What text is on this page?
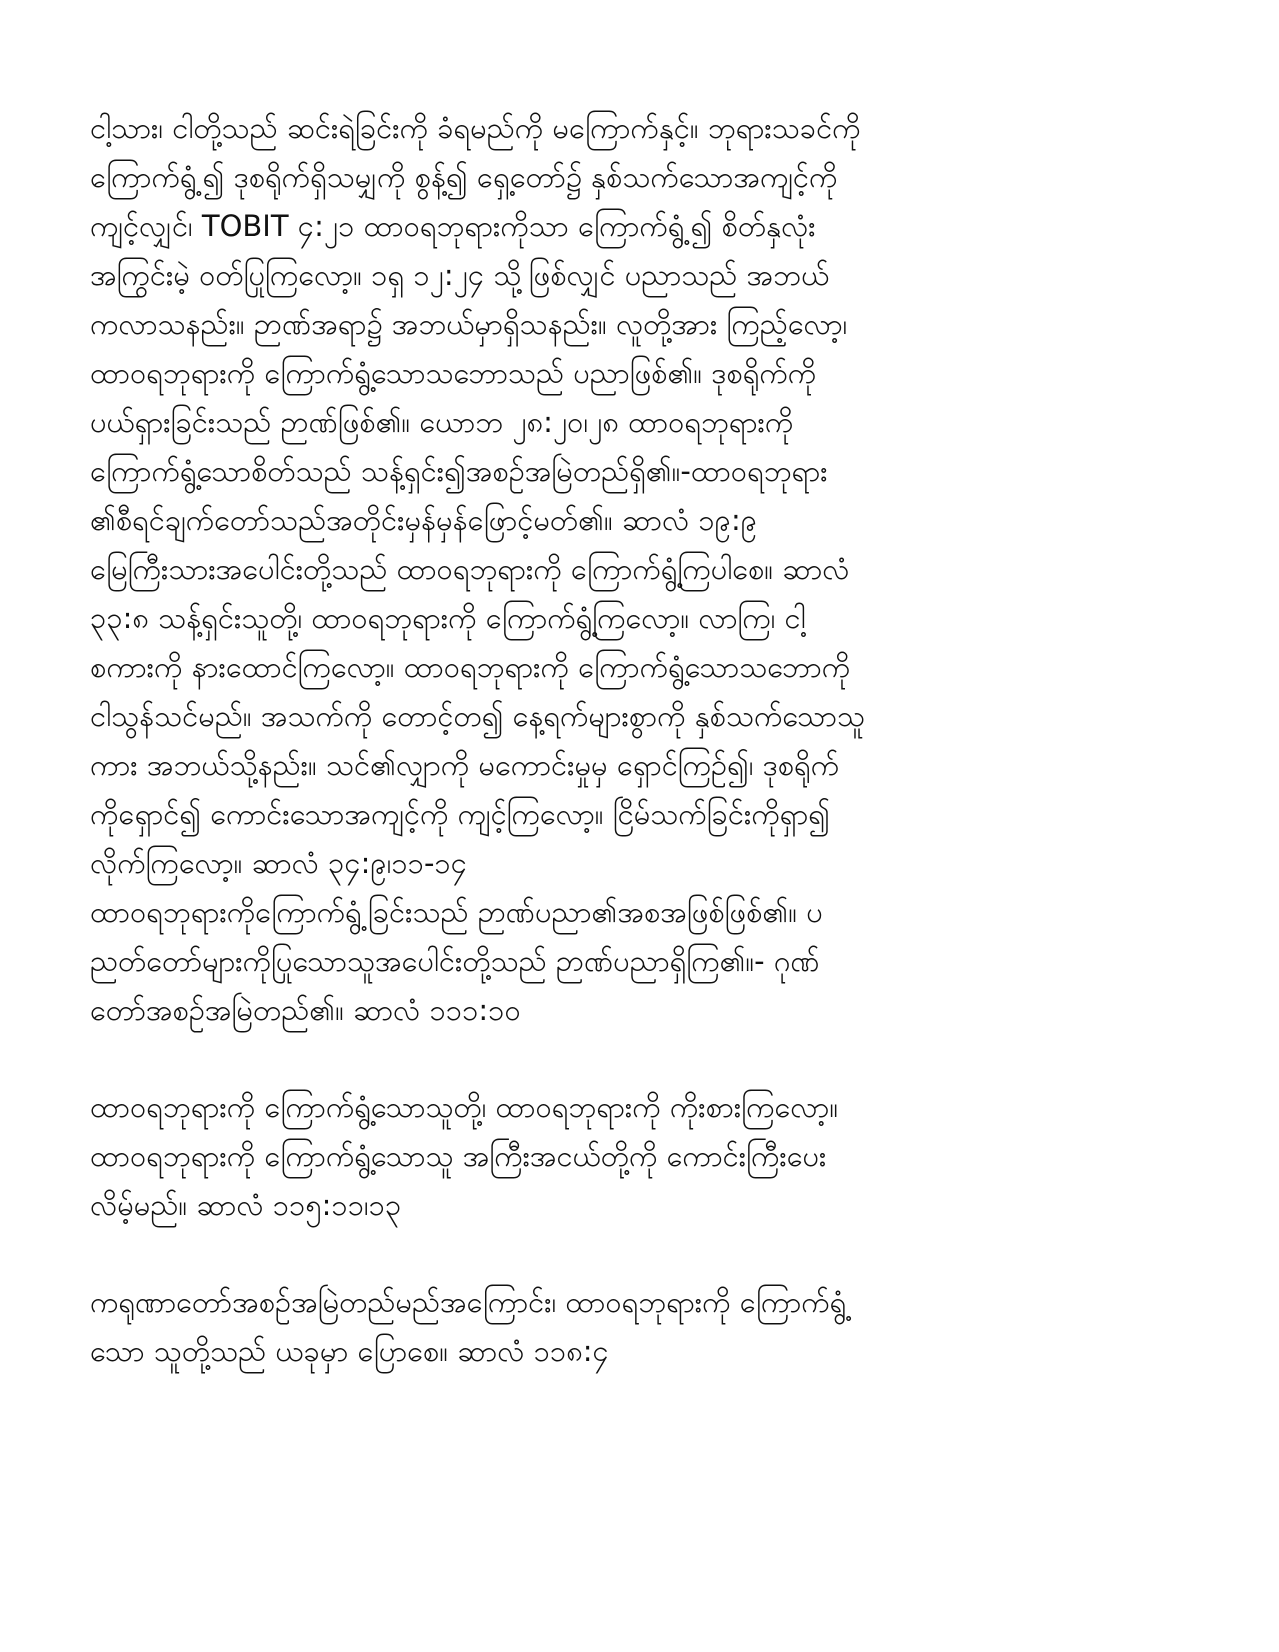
ငါ့သား၊ ငါတို့သည် ဆင်းရဲခြင်းကို ခံရမည်ကို မကြောက်နှင့်။ ဘုရားသခင်ကို
ကြောက်ရွံ့၍ ဒုစရိုက်ရှိသမျှကို စွန့်၍ ရှေ့တော်၌ နှစ်သက်သောအကျင့်ကို
ကျင့်လျှင်၊ TOBIT ၄:၂၁ ထာဝရဘုရားကိုသာ ကြောက်ရွံ့၍ စိတ်နှလုံး
အကြွင်းမဲ့ ဝတ်ပြုကြလော့။ ၁ရှ ၁၂:၂၄ သို့ဖြစ်လျှင် ပညာသည် အဘယ်
ကလာသနည်း။ ဉာဏ်အရာ၌ အဘယ်မှာရှိသနည်း။ လူတို့အား ကြည့်လော့၊
ထာဝရဘုရားကို ကြောက်ရွံ့သောသဘောသည် ပညာဖြစ်၏။ ဒုစရိုက်ကို
ပယ်ရှားခြင်းသည် ဉာဏ်ဖြစ်၏။ ယောဘ ၂၈:၂၀၊၂၈ ထာဝရဘုရားကို
ကြောက်ရွံ့သောစိတ်သည် သန့်ရှင်း၍အစဉ်အမြဲတည်ရှိ၏။-ထာဝရဘုရား
၏စီရင်ချက်တော်သည်အတိုင်းမှန်မှန်ဖြောင့်မတ်၏။ ဆာလံ ၁၉:၉
မြေကြီးသားအပေါင်းတို့သည် ထာဝရဘုရားကို ကြောက်ရွံ့ကြပါစေ။ ဆာလံ
၃၃:၈ သန့်ရှင်းသူတို့၊ ထာဝရဘုရားကို ကြောက်ရွံ့ကြလော့။ လာကြ၊ ငါ့
စကားကို နားထောင်ကြလော့။ ထာဝရဘုရားကို ကြောက်ရွံ့သောသဘောကို
ငါသွန်သင်မည်။ အသက်ကို တောင့်တ၍ နေ့ရက်များစွာကို နှစ်သက်သောသူ
ကား အဘယ်သို့နည်း။ သင်၏လျှာကို မကောင်းမှုမှ ရှောင်ကြဉ်၍၊ ဒုစရိုက်
ကိုရှောင်၍ ကောင်းသောအကျင့်ကို ကျင့်ကြလော့။ ငြိမ်သက်ခြင်းကိုရှာ၍
လိုက်ကြလော့။ ဆာလံ ၃၄:၉၊၁၁-၁၄
ထာဝရဘုရားကိုကြောက်ရွံ့ခြင်းသည် ဉာဏ်ပညာ၏အစအဖြစ်ဖြစ်၏။ ပ
ညတ်တော်များကိုပြုသောသူအပေါင်းတို့သည် ဉာဏ်ပညာရှိကြ၏။- ဂုဏ်
တော်အစဉ်အမြဲတည်၏။ ဆာလံ ၁၁၁:၁၀
ထာဝရဘုရားကို ကြောက်ရွံ့သောသူတို့၊ ထာဝရဘုရားကို ကိုးစားကြလော့။
ထာဝရဘုရားကို ကြောက်ရွံ့သောသူ အကြီးအငယ်တို့ကို ကောင်းကြီးပေး
လိမ့်မည်။ ဆာလံ ၁၁၅:၁၁၊၁၃
ကရုဏာတော်အစဉ်အမြဲတည်မည်အကြောင်း၊ ထာဝရဘုရားကို ကြောက်ရွံ့
သော သူတို့သည် ယခုမှာ ပြောစေ။ ဆာလံ ၁၁၈:၄
